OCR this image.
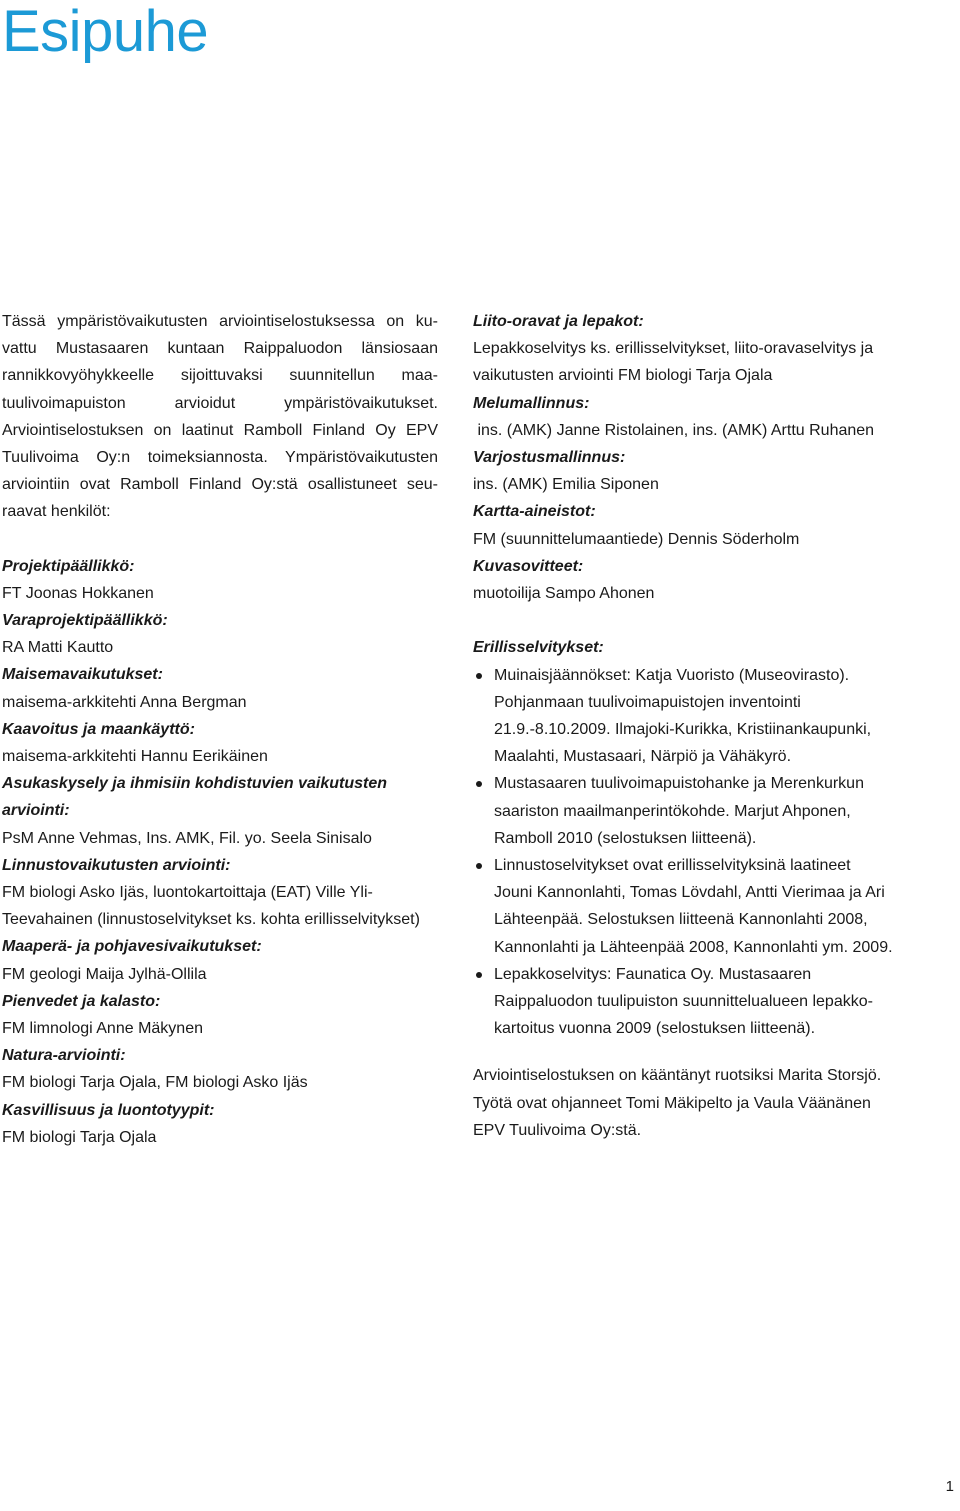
Esipuhe
Tässä ympäristövaikutusten arviointiselostuksessa on ku-
vattu Mustasaaren kuntaan Raippaluodon länsiosaan
rannikkovyöhykkeelle sijoittuvaksi suunnitellun maa-
tuulivoimapuiston arvioidut ympäristövaikutukset.
Arviointiselostuksen on laatinut Ramboll Finland Oy EPV
Tuulivoima Oy:n toimeksiannosta. Ympäristövaikutusten
arviointiin ovat Ramboll Finland Oy:stä osallistuneet seu-
raavat henkilöt:
Projektipäällikkö:
FT Joonas Hokkanen
Varaprojektipäällikkö:
RA Matti Kautto
Maisemavaikutukset:
maisema-arkkitehti Anna Bergman
Kaavoitus ja maankäyttö:
maisema-arkkitehti Hannu Eerikäinen
Asukaskysely ja ihmisiin kohdistuvien vaikutusten arviointi:
PsM Anne Vehmas, Ins. AMK, Fil. yo. Seela Sinisalo
Linnustovaikutusten arviointi:
FM biologi Asko Ijäs, luontokartoittaja (EAT) Ville Yli-
Teevahainen (linnustoselvitykset ks. kohta erillisselvitykset)
Maaperä- ja pohjavesivaikutukset:
FM geologi Maija Jylhä-Ollila
Pienvedet ja kalasto:
FM limnologi Anne Mäkynen
Natura-arviointi:
FM biologi Tarja Ojala, FM biologi Asko Ijäs
Kasvillisuus ja luontotyypit:
FM biologi Tarja Ojala
Liito-oravat ja lepakot:
Lepakkoselvitys ks. erillisselvitykset, liito-oravaselvitys ja
vaikutusten arviointi FM biologi Tarja Ojala
Melumallinnus:
ins. (AMK) Janne Ristolainen, ins. (AMK) Arttu Ruhanen
Varjostusmallinnus:
ins. (AMK) Emilia Siponen
Kartta-aineistot:
FM (suunnittelumaantiede) Dennis Söderholm
Kuvasovitteet:
muotoilija Sampo Ahonen
Erillisselvitykset:
Muinaisjäännökset: Katja Vuoristo (Museovirasto).
Pohjanmaan tuulivoimapuistojen inventointi
21.9.-8.10.2009. Ilmajoki-Kurikka, Kristiinankaupunki,
Maalahti, Mustasaari, Närpiö ja Vähäkyrö.
Mustasaaren tuulivoimapuistohanke ja Merenkurkun
saariston maailmanperintökohde. Marjut Ahponen,
Ramboll 2010 (selostuksen liitteenä).
Linnustoselvitykset ovat erillisselvityksinä laatineet
Jouni Kannonlahti, Tomas Lövdahl, Antti Vierimaa ja Ari
Lähteenpää. Selostuksen liitteenä Kannonlahti 2008,
Kannonlahti ja Lähteenpää 2008, Kannonlahti ym. 2009.
Lepakkoselvitys: Faunatica Oy. Mustasaaren
Raippaluodon tuulipuiston suunnittelualueen lepakko-
kartoitus vuonna 2009 (selostuksen liitteenä).
Arviointiselostuksen on kääntänyt ruotsiksi Marita Storsjö.
Työtä ovat ohjanneet Tomi Mäkipelto ja Vaula Väänänen
EPV Tuulivoima Oy:stä.
1
